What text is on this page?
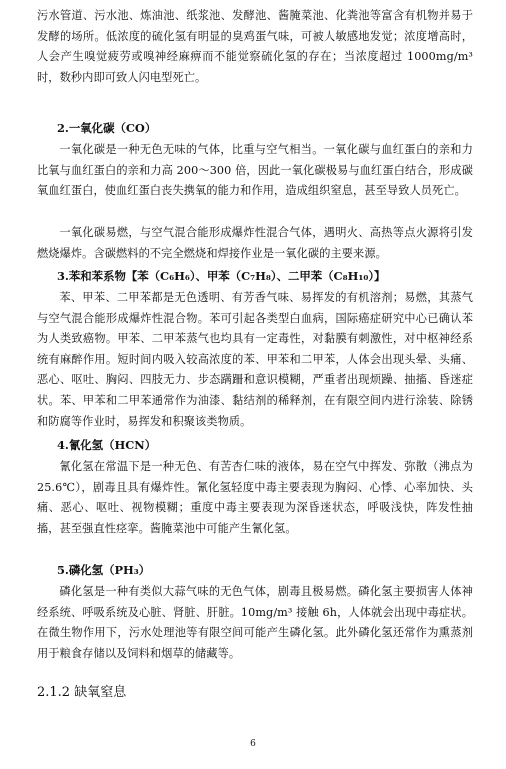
污水管道、污水池、炼油池、纸浆池、发酵池、酱腌菜池、化粪池等富含有机物并易于发酵的场所。低浓度的硫化氢有明显的臭鸡蛋气味，可被人敏感地发觉；浓度增高时，人会产生嗅觉疲劳或嗅神经麻痹而不能觉察硫化氢的存在；当浓度超过 1000mg/m³ 时，数秒内即可致人闪电型死亡。

2.一氧化碳（CO）

一氧化碳是一种无色无味的气体，比重与空气相当。一氧化碳与血红蛋白的亲和力比氧与血红蛋白的亲和力高 200～300 倍，因此一氧化碳极易与血红蛋白结合，形成碳氧血红蛋白，使血红蛋白丧失携氧的能力和作用，造成组织窒息，甚至导致人员死亡。

一氧化碳易燃，与空气混合能形成爆炸性混合气体，遇明火、高热等点火源将引发燃烧爆炸。含碳燃料的不完全燃烧和焊接作业是一氧化碳的主要来源。

3.苯和苯系物【苯（C₆H₆）、甲苯（C₇H₈）、二甲苯（C₈H₁₀）】

苯、甲苯、二甲苯都是无色透明、有芳香气味、易挥发的有机溶剂；易燃，其蒸气与空气混合能形成爆炸性混合物。苯可引起各类型白血病，国际癌症研究中心已确认苯为人类致癌物。甲苯、二甲苯蒸气也均具有一定毒性，对黏膜有刺激性，对中枢神经系统有麻醉作用。短时间内吸入较高浓度的苯、甲苯和二甲苯，人体会出现头晕、头痛、恶心、呕吐、胸闷、四肢无力、步态蹒跚和意识模糊，严重者出现烦躁、抽搐、昏迷症状。苯、甲苯和二甲苯通常作为油漆、黏结剂的稀释剂，在有限空间内进行涂装、除锈和防腐等作业时，易挥发和积聚该类物质。

4.氰化氢（HCN）

氰化氢在常温下是一种无色、有苦杏仁味的液体，易在空气中挥发、弥散（沸点为 25.6℃），剧毒且具有爆炸性。氰化氢轻度中毒主要表现为胸闷、心悸、心率加快、头痛、恶心、呕吐、视物模糊；重度中毒主要表现为深昏迷状态，呼吸浅快，阵发性抽搐，甚至强直性痉挛。酱腌菜池中可能产生氰化氢。

5.磷化氢（PH₃）

磷化氢是一种有类似大蒜气味的无色气体，剧毒且极易燃。磷化氢主要损害人体神经系统、呼吸系统及心脏、肾脏、肝脏。10mg/m³ 接触 6h，人体就会出现中毒症状。在微生物作用下，污水处理池等有限空间可能产生磷化氢。此外磷化氢还常作为熏蒸剂用于粮食存储以及饲料和烟草的储藏等。

2.1.2 缺氧窒息

6
